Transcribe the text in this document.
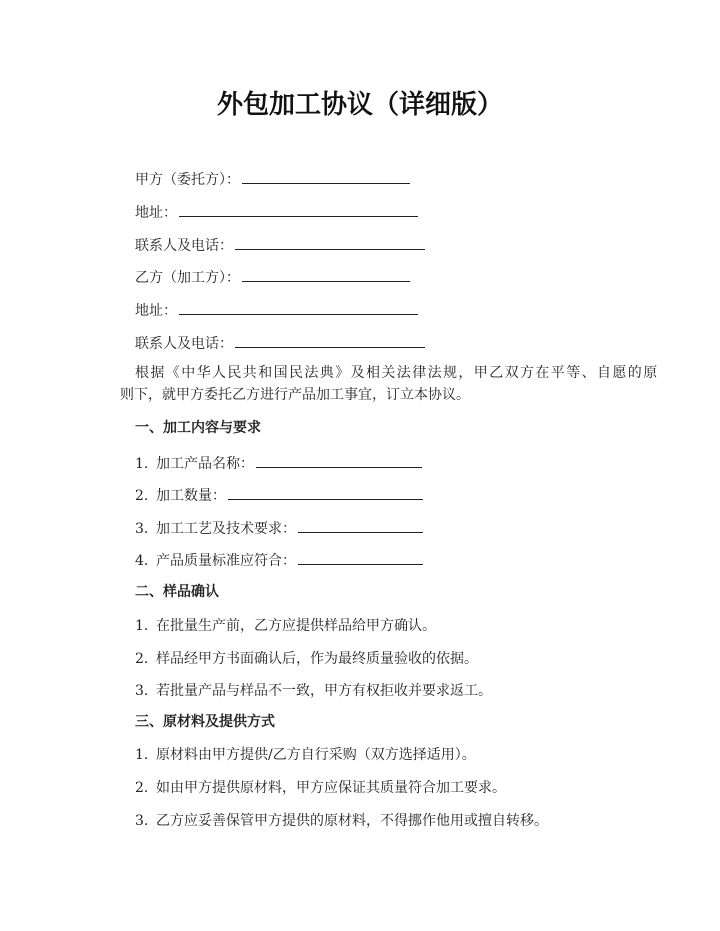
外包加工协议（详细版）
甲方（委托方）：
地址：
联系人及电话：
乙方（加工方）：
地址：
联系人及电话：
根据《中华人民共和国民法典》及相关法律法规，甲乙双方在平等、自愿的原
则下，就甲方委托乙方进行产品加工事宜，订立本协议。
一、加工内容与要求
1. 加工产品名称：
2. 加工数量：
3. 加工工艺及技术要求：
4. 产品质量标准应符合：
二、样品确认
1. 在批量生产前，乙方应提供样品给甲方确认。
2. 样品经甲方书面确认后，作为最终质量验收的依据。
3. 若批量产品与样品不一致，甲方有权拒收并要求返工。
三、原材料及提供方式
1. 原材料由甲方提供/乙方自行采购（双方选择适用）。
2. 如由甲方提供原材料，甲方应保证其质量符合加工要求。
3. 乙方应妥善保管甲方提供的原材料，不得挪作他用或擅自转移。
